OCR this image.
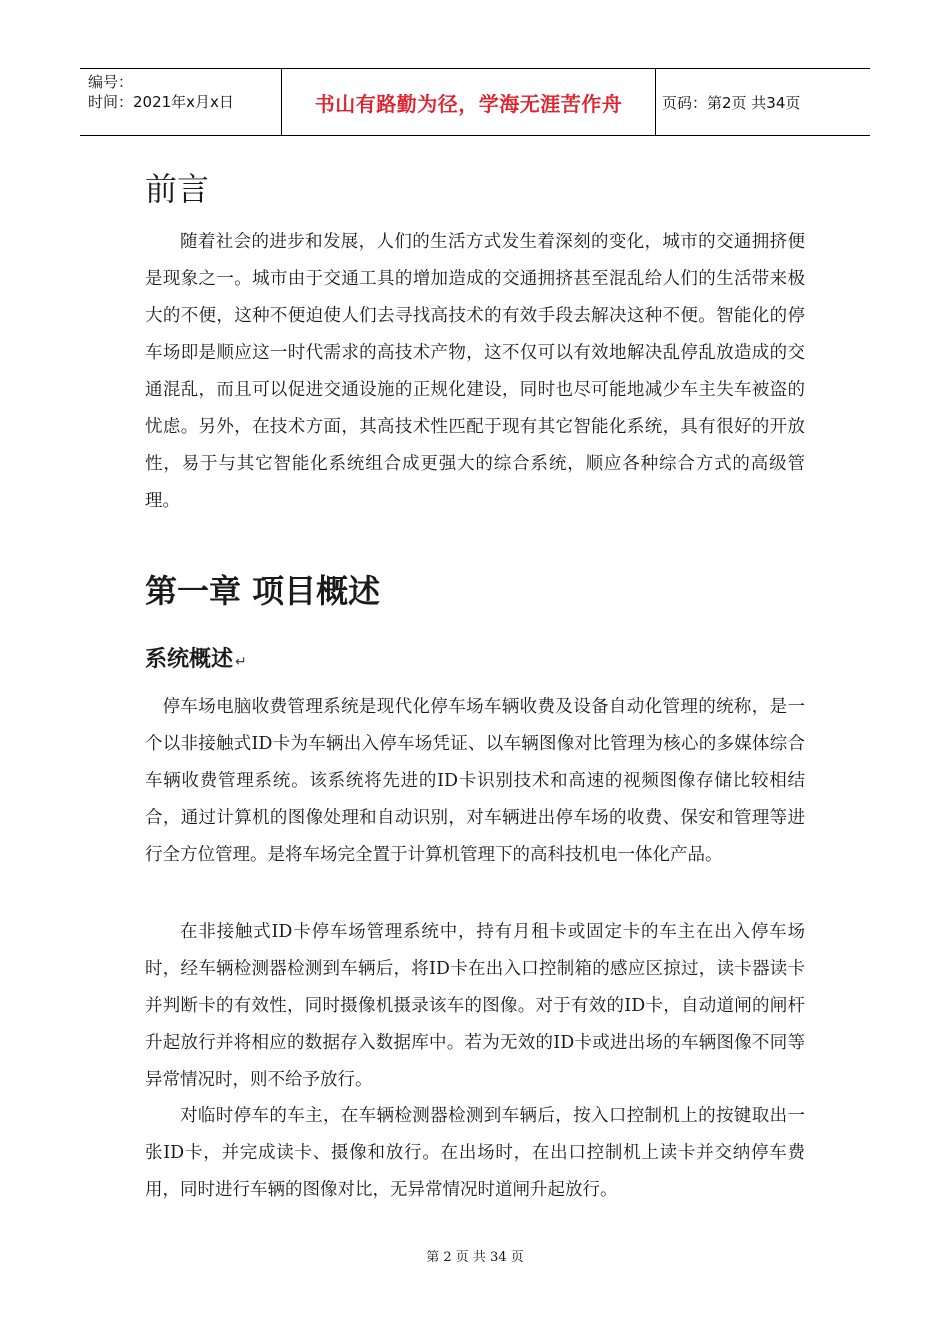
编号：
时间：2021年x月x日	书山有路勤为径，学海无涯苦作舟	页码：第2页 共34页
前言

随着社会的进步和发展，人们的生活方式发生着深刻的变化，城市的交通拥挤便是现象之一。城市由于交通工具的增加造成的交通拥挤甚至混乱给人们的生活带来极大的不便，这种不便迫使人们去寻找高技术的有效手段去解决这种不便。智能化的停车场即是顺应这一时代需求的高技术产物，这不仅可以有效地解决乱停乱放造成的交通混乱，而且可以促进交通设施的正规化建设，同时也尽可能地减少车主失车被盗的忧虑。另外，在技术方面，其高技术性匹配于现有其它智能化系统，具有很好的开放性，易于与其它智能化系统组合成更强大的综合系统，顺应各种综合方式的高级管理。

第一章 项目概述
系统概述 ↵

停车场电脑收费管理系统是现代化停车场车辆收费及设备自动化管理的统称，是一个以非接触式ID卡为车辆出入停车场凭证、以车辆图像对比管理为核心的多媒体综合车辆收费管理系统。该系统将先进的ID卡识别技术和高速的视频图像存储比较相结合，通过计算机的图像处理和自动识别，对车辆进出停车场的收费、保安和管理等进行全方位管理。是将车场完全置于计算机管理下的高科技机电一体化产品。

在非接触式ID卡停车场管理系统中，持有月租卡或固定卡的车主在出入停车场时，经车辆检测器检测到车辆后，将ID卡在出入口控制箱的感应区掠过，读卡器读卡并判断卡的有效性，同时摄像机摄录该车的图像。对于有效的ID卡，自动道闸的闸杆升起放行并将相应的数据存入数据库中。若为无效的ID卡或进出场的车辆图像不同等异常情况时，则不给予放行。

对临时停车的车主，在车辆检测器检测到车辆后，按入口控制机上的按键取出一张ID卡，并完成读卡、摄像和放行。在出场时，在出口控制机上读卡并交纳停车费用，同时进行车辆的图像对比，无异常情况时道闸升起放行。

第 2 页 共 34 页
